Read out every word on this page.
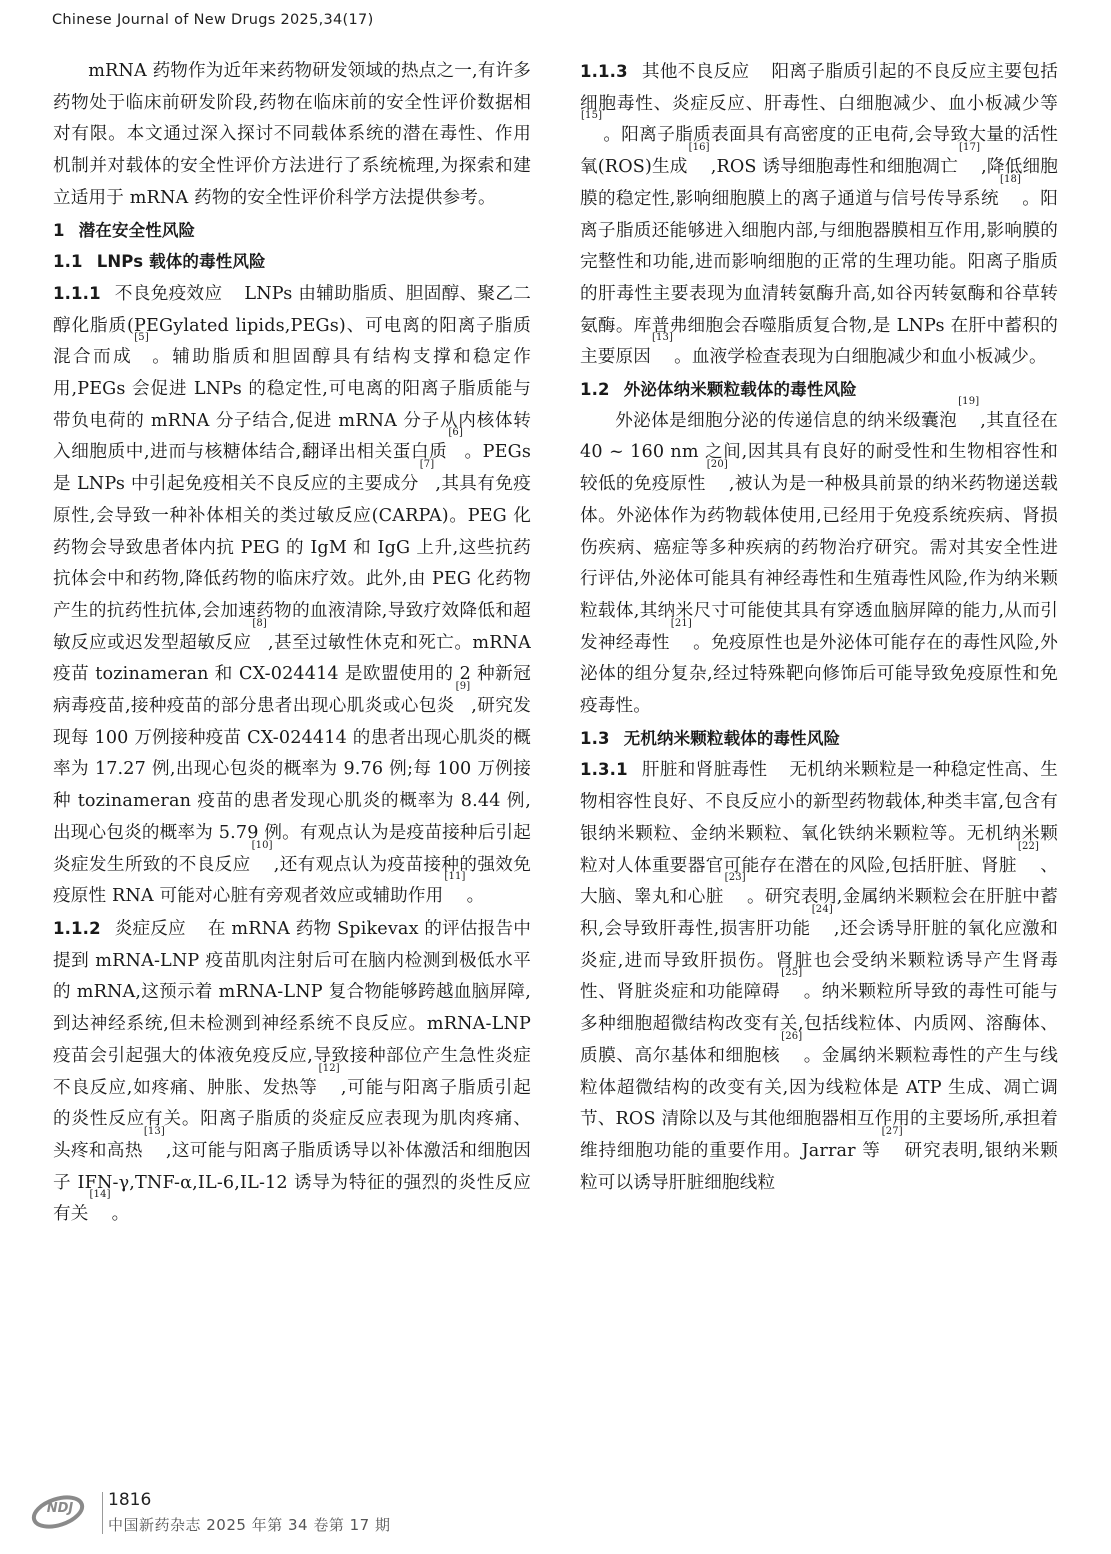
Chinese Journal of New Drugs 2025,34(17)

mRNA 药物作为近年来药物研发领域的热点之一,有许多药物处于临床前研发阶段,药物在临床前的安全性评价数据相对有限。本文通过深入探讨不同载体系统的潜在毒性、作用机制并对载体的安全性评价方法进行了系统梳理,为探索和建立适用于 mRNA 药物的安全性评价科学方法提供参考。

1 潜在安全性风险
1.1 LNPs 载体的毒性风险

1.1.1 不良免疫效应 LNPs 由辅助脂质、胆固醇、聚乙二醇化脂质(PEGylated lipids,PEGs)、可电离的阳离子脂质混合而成[5]。辅助脂质和胆固醇具有结构支撑和稳定作用,PEGs 会促进 LNPs 的稳定性,可电离的阳离子脂质能与带负电荷的 mRNA 分子结合,促进 mRNA 分子从内核体转入细胞质中,进而与核糖体结合,翻译出相关蛋白质[6]。PEGs 是 LNPs 中引起免疫相关不良反应的主要成分[7],其具有免疫原性,会导致一种补体相关的类过敏反应(CARPA)。PEG 化药物会导致患者体内抗 PEG 的 IgM 和 IgG 上升,这些抗药抗体会中和药物,降低药物的临床疗效。此外,由 PEG 化药物产生的抗药性抗体,会加速药物的血液清除,导致疗效降低和超敏反应或迟发型超敏反应[8],甚至过敏性休克和死亡。mRNA 疫苗 tozinameran 和 CX-024414 是欧盟使用的 2 种新冠病毒疫苗,接种疫苗的部分患者出现心肌炎或心包炎[9],研究发现每 100 万例接种疫苗 CX-024414 的患者出现心肌炎的概率为 17.27 例,出现心包炎的概率为 9.76 例;每 100 万例接种 tozinameran 疫苗的患者发现心肌炎的概率为 8.44 例,出现心包炎的概率为 5.79 例。有观点认为是疫苗接种后引起炎症发生所致的不良反应[10],还有观点认为疫苗接种的强效免疫原性 RNA 可能对心脏有旁观者效应或辅助作用[11]。

1.1.2 炎症反应 在 mRNA 药物 Spikevax 的评估报告中提到 mRNA-LNP 疫苗肌肉注射后可在脑内检测到极低水平的 mRNA,这预示着 mRNA-LNP 复合物能够跨越血脑屏障,到达神经系统,但未检测到神经系统不良反应。mRNA-LNP 疫苗会引起强大的体液免疫反应,导致接种部位产生急性炎症不良反应,如疼痛、肿胀、发热等[12],可能与阳离子脂质引起的炎性反应有关。阳离子脂质的炎症反应表现为肌肉疼痛、头疼和高热[13],这可能与阳离子脂质诱导以补体激活和细胞因子 IFN-γ,TNF-α,IL-6,IL-12 诱导为特征的强烈的炎性反应有关[14]。

1.1.3 其他不良反应 阳离子脂质引起的不良反应主要包括细胞毒性、炎症反应、肝毒性、白细胞减少、血小板减少等[15]。阳离子脂质表面具有高密度的正电荷,会导致大量的活性氧(ROS)生成[16],ROS 诱导细胞毒性和细胞凋亡[17],降低细胞膜的稳定性,影响细胞膜上的离子通道与信号传导系统[18]。阳离子脂质还能够进入细胞内部,与细胞器膜相互作用,影响膜的完整性和功能,进而影响细胞的正常的生理功能。阳离子脂质的肝毒性主要表现为血清转氨酶升高,如谷丙转氨酶和谷草转氨酶。库普弗细胞会吞噬脂质复合物,是 LNPs 在肝中蓄积的主要原因[13]。血液学检查表现为白细胞减少和血小板减少。

1.2 外泌体纳米颗粒载体的毒性风险

外泌体是细胞分泌的传递信息的纳米级囊泡[19],其直径在 40 ~ 160 nm 之间,因其具有良好的耐受性和生物相容性和较低的免疫原性[20],被认为是一种极具前景的纳米药物递送载体。外泌体作为药物载体使用,已经用于免疫系统疾病、肾损伤疾病、癌症等多种疾病的药物治疗研究。需对其安全性进行评估,外泌体可能具有神经毒性和生殖毒性风险,作为纳米颗粒载体,其纳米尺寸可能使其具有穿透血脑屏障的能力,从而引发神经毒性[21]。免疫原性也是外泌体可能存在的毒性风险,外泌体的组分复杂,经过特殊靶向修饰后可能导致免疫原性和免疫毒性。

1.3 无机纳米颗粒载体的毒性风险

1.3.1 肝脏和肾脏毒性 无机纳米颗粒是一种稳定性高、生物相容性良好、不良反应小的新型药物载体,种类丰富,包含有银纳米颗粒、金纳米颗粒、氧化铁纳米颗粒等。无机纳米颗粒对人体重要器官可能存在潜在的风险,包括肝脏、肾脏[22]、大脑、睾丸和心脏[23]。研究表明,金属纳米颗粒会在肝脏中蓄积,会导致肝毒性,损害肝功能[24],还会诱导肝脏的氧化应激和炎症,进而导致肝损伤。肾脏也会受纳米颗粒诱导产生肾毒性、肾脏炎症和功能障碍[25]。纳米颗粒所导致的毒性可能与多种细胞超微结构改变有关,包括线粒体、内质网、溶酶体、质膜、高尔基体和细胞核[26]。金属纳米颗粒毒性的产生与线粒体超微结构的改变有关,因为线粒体是 ATP 生成、凋亡调节、ROS 清除以及与其他细胞器相互作用的主要场所,承担着维持细胞功能的重要作用。Jarrar 等[27]研究表明,银纳米颗粒可以诱导肝脏细胞线粒

NDJ 1816
中国新药杂志 2025 年第 34 卷第 17 期
